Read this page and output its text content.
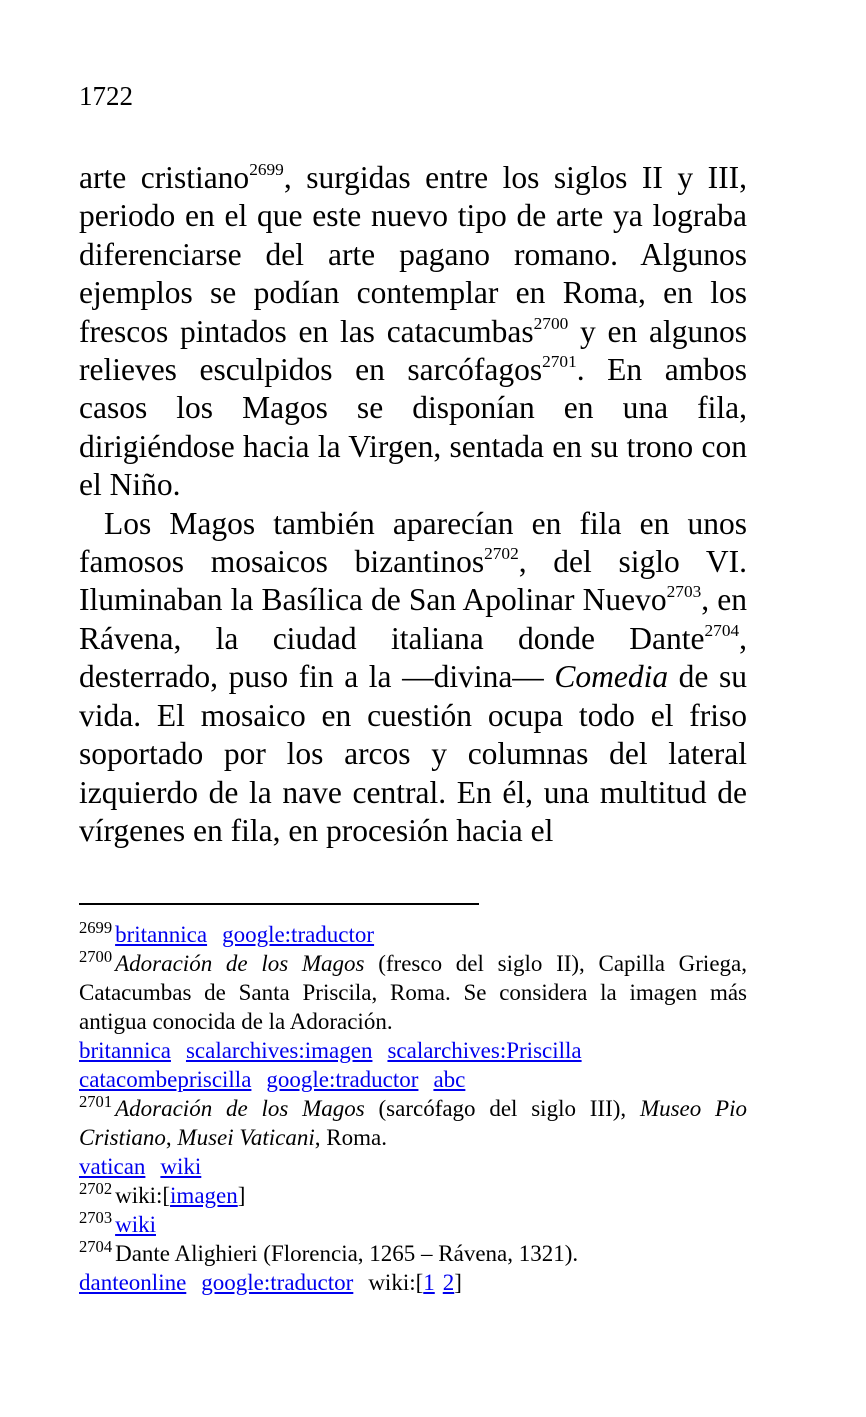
1722

arte cristiano$^{2699}$, surgidas entre los siglos II y III, periodo en el que este nuevo tipo de arte ya lograba diferenciarse del arte pagano romano. Algunos ejemplos se podían contemplar en Roma, en los frescos pintados en las catacumbas$^{2700}$ y en algunos relieves esculpidos en sarcófagos$^{2701}$. En ambos casos los Magos se disponían en una fila, dirigiéndose hacia la Virgen, sentada en su trono con el Niño.

Los Magos también aparecían en fila en unos famosos mosaicos bizantinos$^{2702}$, del siglo VI. Iluminaban la Basílica de San Apolinar Nuevo$^{2703}$, en Rávena, la ciudad italiana donde Dante$^{2704}$, desterrado, puso fin a la —divina— Comedia de su vida. El mosaico en cuestión ocupa todo el friso soportado por los arcos y columnas del lateral izquierdo de la nave central. En él, una multitud de vírgenes en fila, en procesión hacia el

$^{2699}$ britannica google:traductor
$^{2700}$ Adoración de los Magos (fresco del siglo II), Capilla Griega, Catacumbas de Santa Priscila, Roma. Se considera la imagen más antigua conocida de la Adoración.
britannica scalarchives:imagen scalarchives:Priscilla
catacombepriscilla google:traductor abc
$^{2701}$ Adoración de los Magos (sarcófago del siglo III), Museo Pio Cristiano, Musei Vaticani, Roma.
vatican wiki
$^{2702}$ wiki:[imagen]
$^{2703}$ wiki
$^{2704}$ Dante Alighieri (Florencia, 1265 – Rávena, 1321).
danteonline google:traductor wiki:[1 2]
